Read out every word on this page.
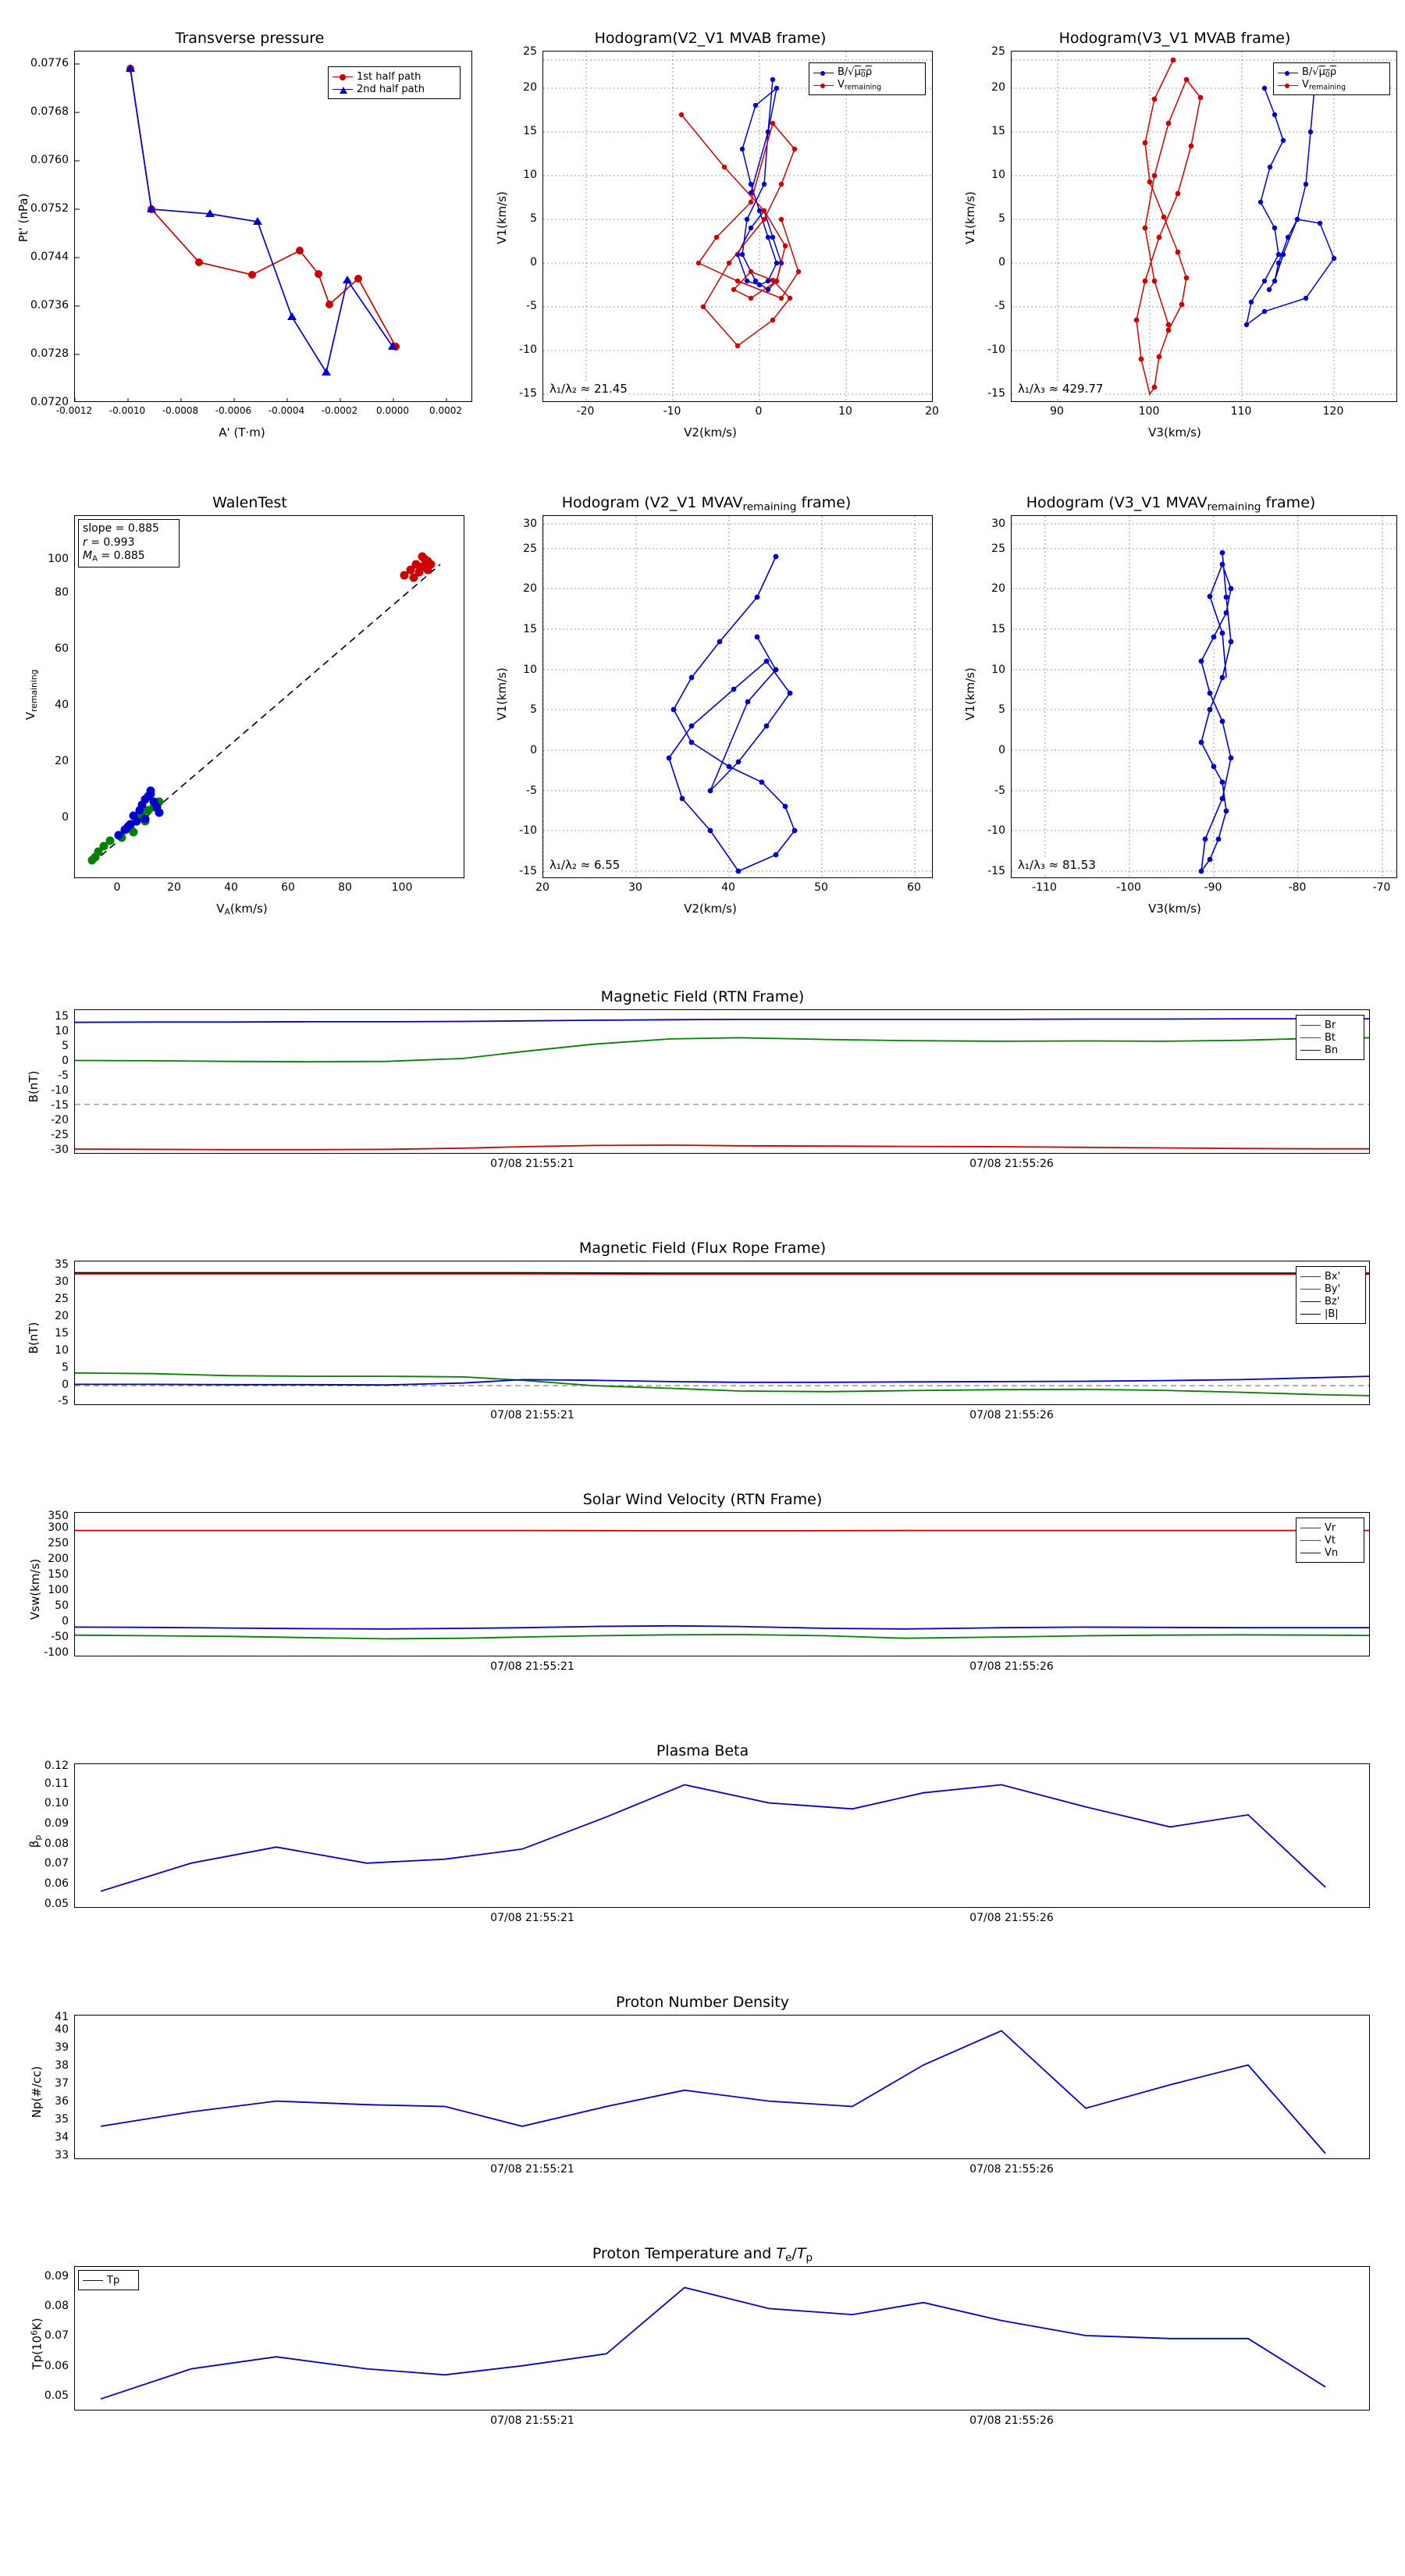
Transverse pressure
Pt' (nPa)
A' (T·m)
0.0720
0.0728
0.0736
0.0744
0.0752
0.0760
0.0768
0.0776
-0.0012	-0.0010	-0.0008	-0.0006	-0.0004	-0.0002	0.0000	0.0002
1st half path
2nd half path
Hodogram(V2_V1 MVAB frame)
V1(km/s)
V2(km/s)
λ₁/λ₂ ≈ 21.45
-15
-10
-5
0
5
10
15
20
25
-20	-10	0	10	20
$B/√\mu_0\rho$
$V_{remaining}$
Hodogram(V3_V1 MVAB frame)
V1(km/s)
V3(km/s)
λ₁/λ₃ ≈ 429.77
-15
-10
-5
0
5
10
15
20
25
90	100	110	120
$B/√\mu_0\rho$
$V_{remaining}$
WalenTest
$V_{remaining}$
$V_A(km/s)$
slope = 0.885
r = 0.993
$M_A = 0.885$
0
20
40
60
80
100
0	20	40	60	80	100
Hodogram (V2_V1 $MVAV_{remaining}$ frame)
V1(km/s)
V2(km/s)
λ₁/λ₂ ≈ 6.55
-15
-10
-5
0
5
10
15
20
25
30
20	30	40	50	60
Hodogram (V3_V1 $MVAV_{remaining}$ frame)
V1(km/s)
V3(km/s)
λ₁/λ₃ ≈ 81.53
-15
-10
-5
0
5
10
15
20
25
30
-110	-100	-90	-80	-70
Magnetic Field (RTN Frame)
B(nT)
-30
-25
-20
-15
-10
-5
0
5
10
15
07/08 21:55:21	07/08 21:55:26
Br
Bt
Bn
Magnetic Field (Flux Rope Frame)
B(nT)
-5
0
5
10
15
20
25
30
35
07/08 21:55:21	07/08 21:55:26
Bx'
By'
Bz'
|B|
Solar Wind Velocity (RTN Frame)
Vsw(km/s)
-100
-50
0
50
100
150
200
250
300
350
07/08 21:55:21	07/08 21:55:26
Vr
Vt
Vn
Plasma Beta
$\beta_p$
0.05
0.06
0.07
0.08
0.09
0.10
0.11
0.12
07/08 21:55:21	07/08 21:55:26
Proton Number Density
Np(#/cc)
33
34
35
36
37
38
39
40
41
07/08 21:55:21	07/08 21:55:26
Proton Temperature and $T_e/T_p$
$Tp(10^6K)$
Tp
0.05
0.06
0.07
0.08
0.09
07/08 21:55:21	07/08 21:55:26
